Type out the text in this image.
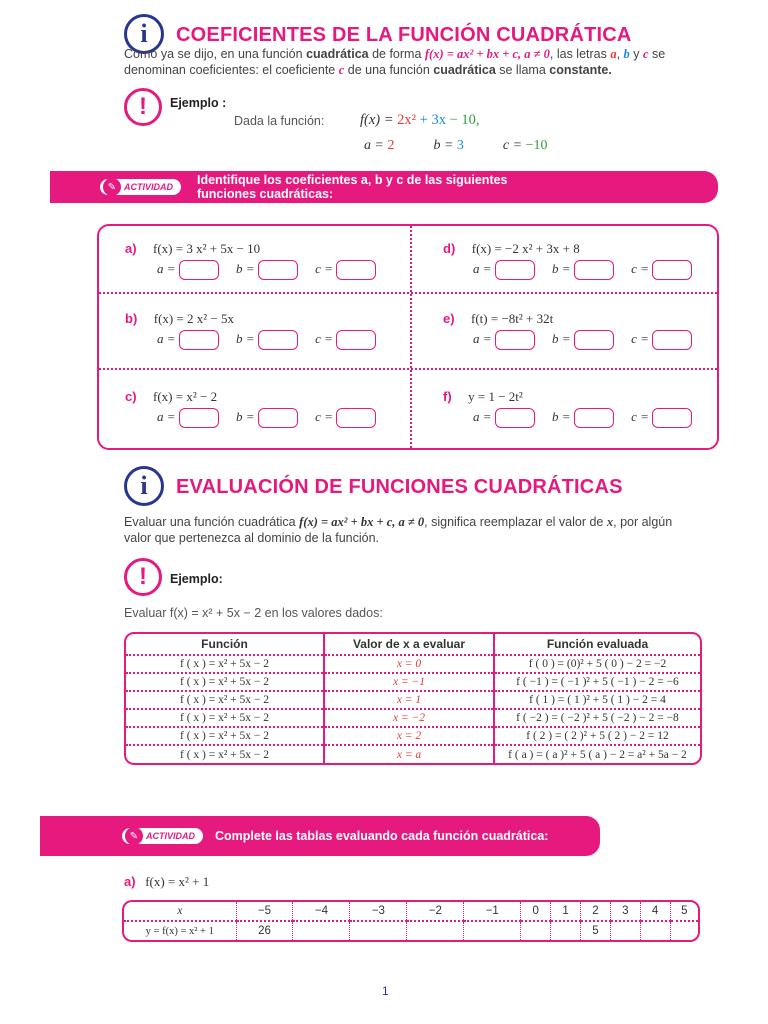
i	COEFICIENTES DE LA FUNCIÓN CUADRÁTICA
Como ya se dijo, en una función cuadrática de forma f(x) = ax² + bx + c, a ≠ 0, las letras a, b y c se
denominan coeficientes: el coeficiente c de una función cuadrática se llama constante.
!	Ejemplo :
Dada la función: f(x) = 2x² + 3x − 10,
a = 2	b = 3	c = −10
✎ ACTIVIDAD	Identifique los coeficientes a, b y c de las siguientes
funciones cuadráticas:
a) f(x) = 3 x² + 5x − 10
a =	b =	c =
d) f(x) = −2 x² + 3x + 8
a =	b =	c =
b) f(x) = 2 x² − 5x
a =	b =	c =
e) f(t) = −8t² + 32t
a =	b =	c =
c) f(x) = x² − 2
a =	b =	c =
f) y = 1 − 2t²
a =	b =	c =
i	EVALUACIÓN DE FUNCIONES CUADRÁTICAS
Evaluar una función cuadrática f(x) = ax² + bx + c, a ≠ 0, significa reemplazar el valor de x, por algún
valor que pertenezca al dominio de la función.
!	Ejemplo:
Evaluar f(x) = x² + 5x − 2 en los valores dados:
Función	Valor de x a evaluar	Función evaluada
f ( x ) = x² + 5x − 2	x = 0	f ( 0 ) = (0)² + 5 ( 0 ) − 2 = −2
f ( x ) = x² + 5x − 2	x = −1	f ( −1 ) = ( −1 )² + 5 ( −1 ) − 2 = −6
f ( x ) = x² + 5x − 2	x = 1	f ( 1 ) = ( 1 )² + 5 ( 1 ) − 2 = 4
f ( x ) = x² + 5x − 2	x = −2	f ( −2 ) = ( −2 )² + 5 ( −2 ) − 2 = −8
f ( x ) = x² + 5x − 2	x = 2	f ( 2 ) = ( 2 )² + 5 ( 2 ) − 2 = 12
f ( x ) = x² + 5x − 2	x = a	f ( a ) = ( a )² + 5 ( a ) − 2 = a² + 5a − 2
✎ ACTIVIDAD	Complete las tablas evaluando cada función cuadrática:
a) f(x) = x² + 1
x	−5	−4	−3	−2	−1	0	1	2	3	4	5
y = f(x) = x² + 1	26							5			
1
